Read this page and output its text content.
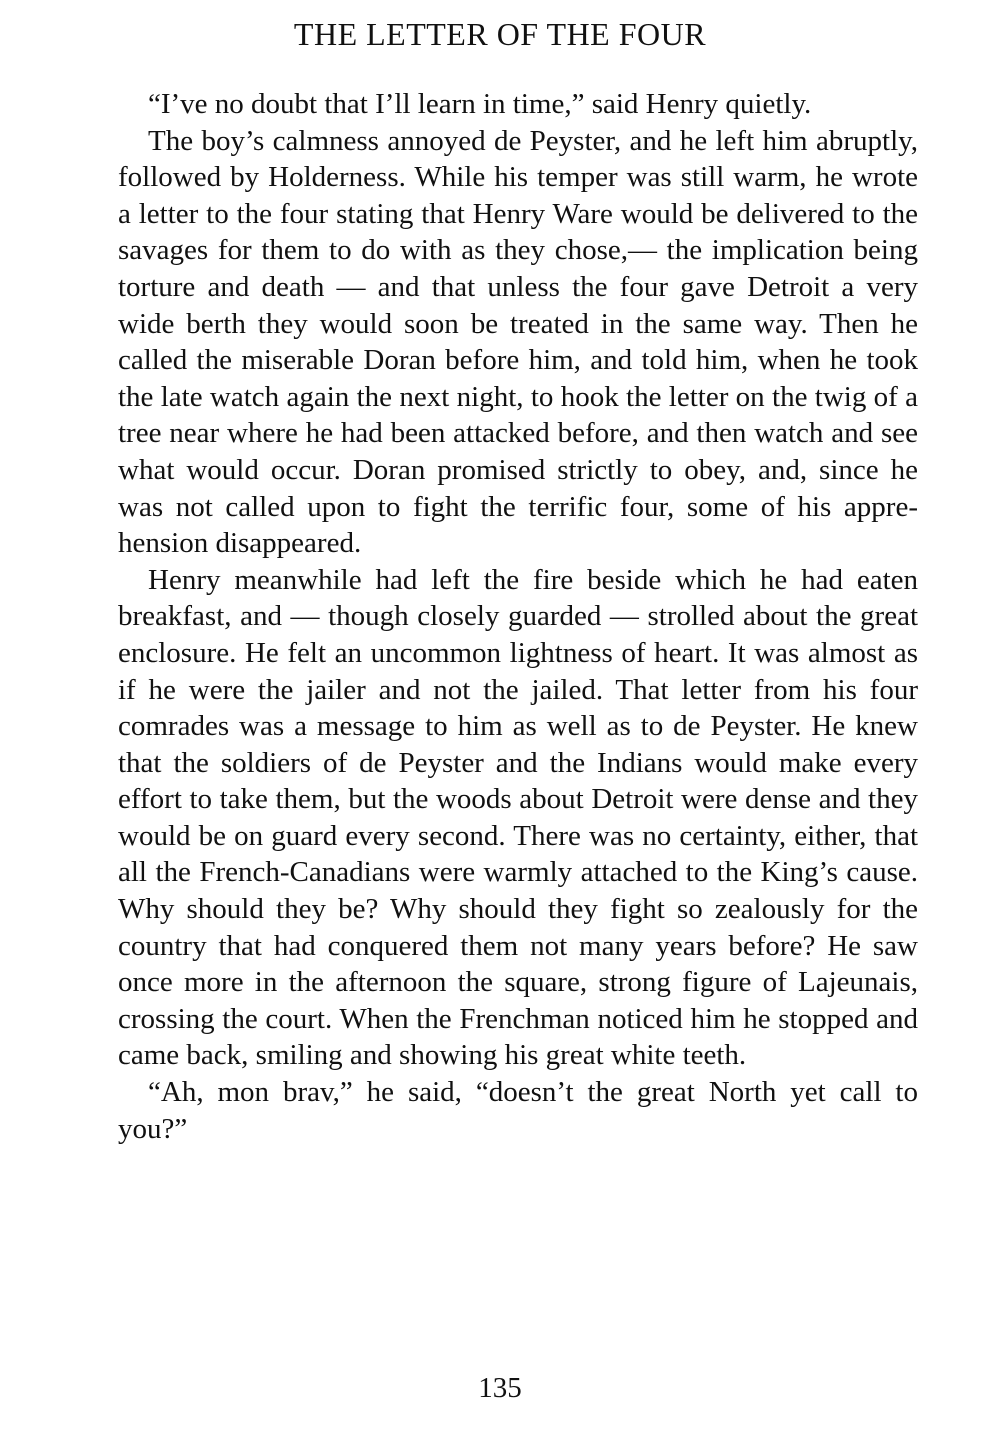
THE LETTER OF THE FOUR

“I’ve no doubt that I’ll learn in time,” said Henry quietly.

The boy’s calmness annoyed de Peyster, and he left him abruptly, followed by Holderness. While his temper was still warm, he wrote a letter to the four stating that Henry Ware would be delivered to the savages for them to do with as they chose,— the implication being torture and death — and that unless the four gave Detroit a very wide berth they would soon be treated in the same way. Then he called the miserable Doran before him, and told him, when he took the late watch again the next night, to hook the letter on the twig of a tree near where he had been attacked before, and then watch and see what would occur. Doran promised strictly to obey, and, since he was not called upon to fight the terrific four, some of his apprehension disappeared.

Henry meanwhile had left the fire beside which he had eaten breakfast, and — though closely guarded — strolled about the great enclosure. He felt an uncommon lightness of heart. It was almost as if he were the jailer and not the jailed. That letter from his four comrades was a message to him as well as to de Peyster. He knew that the soldiers of de Peyster and the Indians would make every effort to take them, but the woods about Detroit were dense and they would be on guard every second. There was no certainty, either, that all the French-Canadians were warmly attached to the King’s cause. Why should they be? Why should they fight so zealously for the country that had conquered them not many years before? He saw once more in the afternoon the square, strong figure of Lajeunais, crossing the court. When the Frenchman noticed him he stopped and came back, smiling and showing his great white teeth.

“Ah, mon brav,” he said, “doesn’t the great North yet call to you?”

135
